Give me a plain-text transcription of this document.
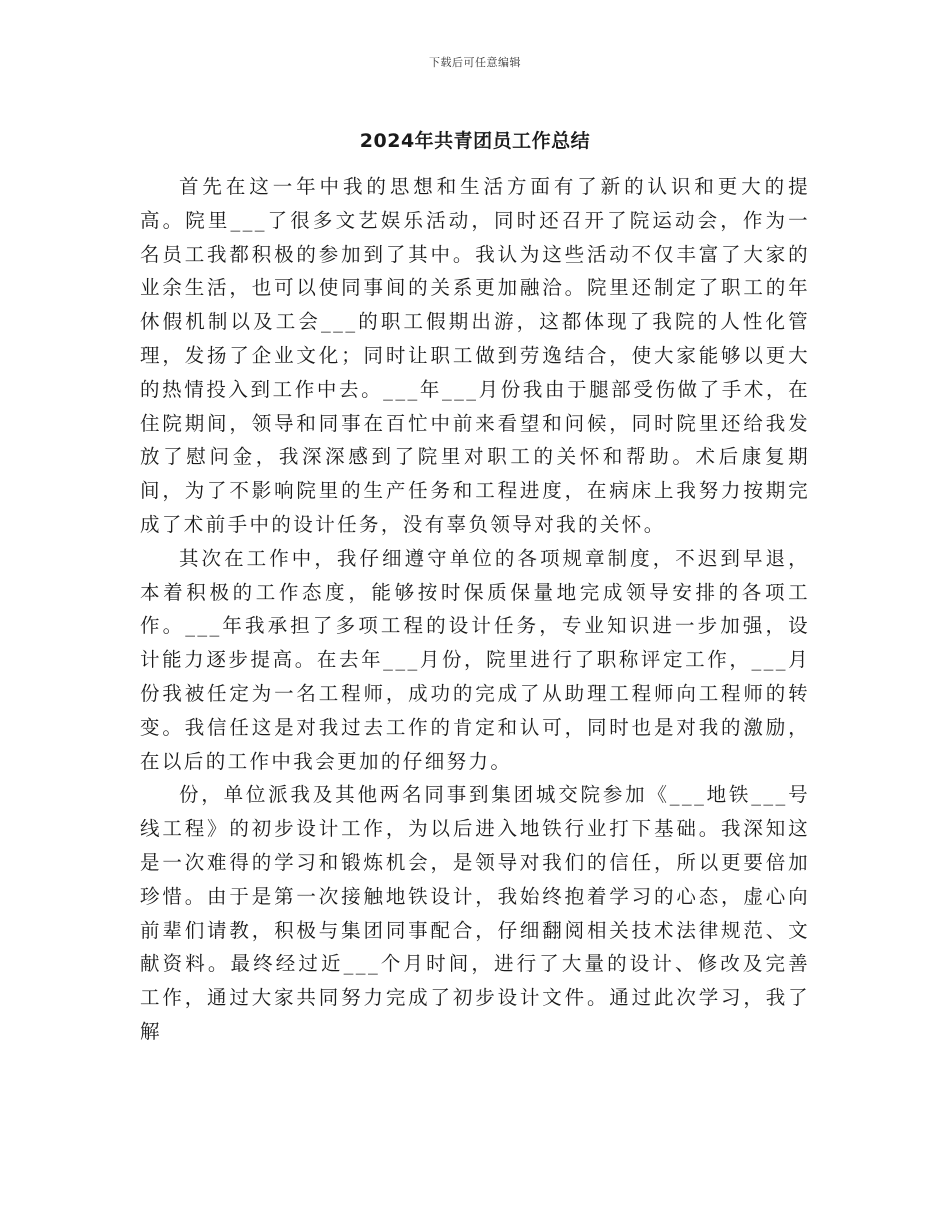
下载后可任意编辑
2024年共青团员工作总结

首先在这一年中我的思想和生活方面有了新的认识和更大的提高。院里___了很多文艺娱乐活动，同时还召开了院运动会，作为一名员工我都积极的参加到了其中。我认为这些活动不仅丰富了大家的业余生活，也可以使同事间的关系更加融洽。院里还制定了职工的年休假机制以及工会___的职工假期出游，这都体现了我院的人性化管理，发扬了企业文化；同时让职工做到劳逸结合，使大家能够以更大的热情投入到工作中去。___年___月份我由于腿部受伤做了手术，在住院期间，领导和同事在百忙中前来看望和问候，同时院里还给我发放了慰问金，我深深感到了院里对职工的关怀和帮助。术后康复期间，为了不影响院里的生产任务和工程进度，在病床上我努力按期完成了术前手中的设计任务，没有辜负领导对我的关怀。

其次在工作中，我仔细遵守单位的各项规章制度，不迟到早退，本着积极的工作态度，能够按时保质保量地完成领导安排的各项工作。___年我承担了多项工程的设计任务，专业知识进一步加强，设计能力逐步提高。在去年___月份，院里进行了职称评定工作，___月份我被任定为一名工程师，成功的完成了从助理工程师向工程师的转变。我信任这是对我过去工作的肯定和认可，同时也是对我的激励，在以后的工作中我会更加的仔细努力。

份，单位派我及其他两名同事到集团城交院参加《___地铁___号线工程》的初步设计工作，为以后进入地铁行业打下基础。我深知这是一次难得的学习和锻炼机会，是领导对我们的信任，所以更要倍加珍惜。由于是第一次接触地铁设计，我始终抱着学习的心态，虚心向前辈们请教，积极与集团同事配合，仔细翻阅相关技术法律规范、文献资料。最终经过近___个月时间，进行了大量的设计、修改及完善工作，通过大家共同努力完成了初步设计文件。通过此次学习，我了解
